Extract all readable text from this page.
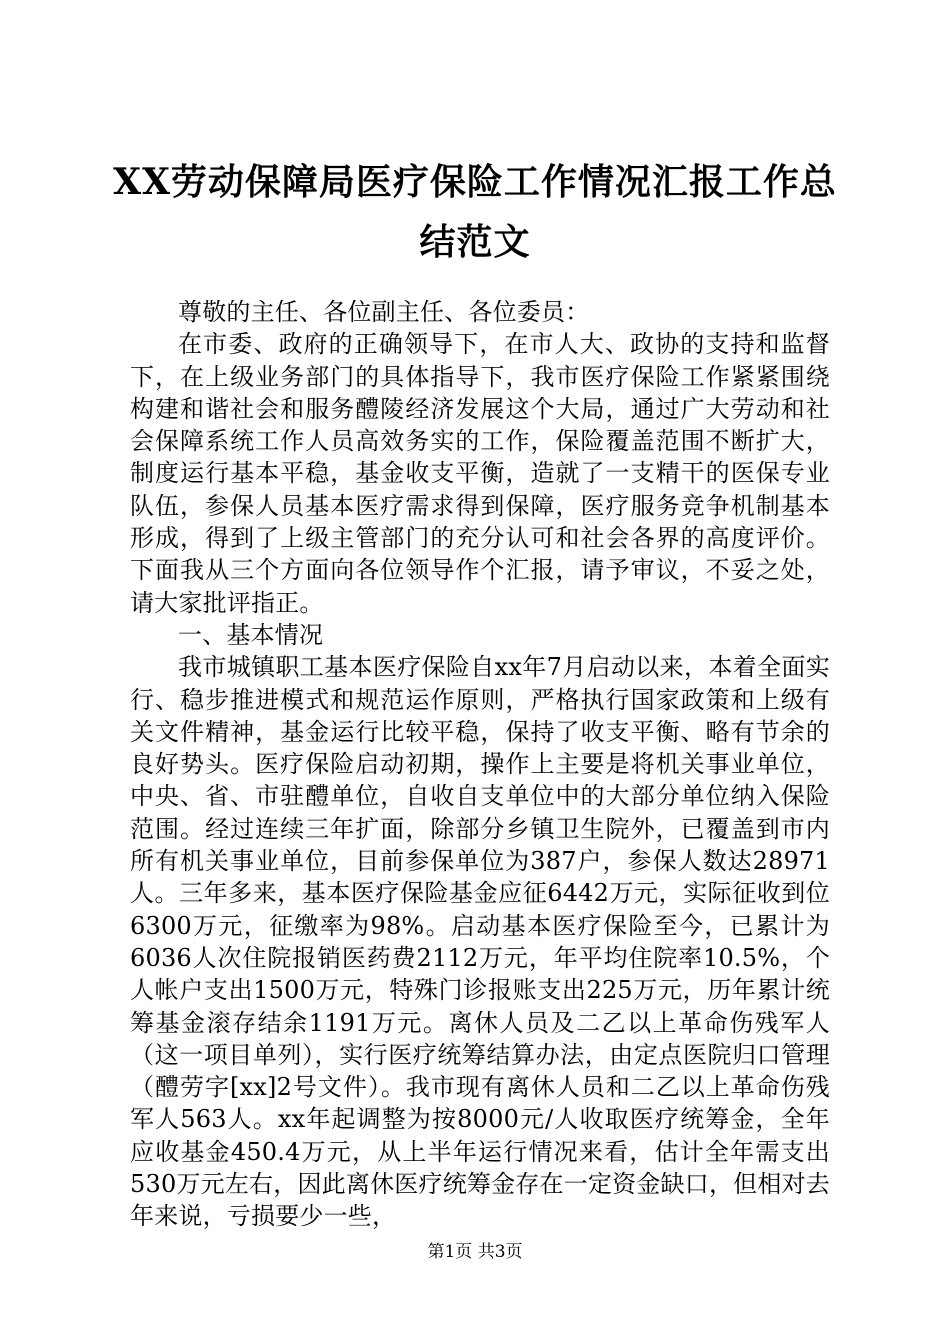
XX劳动保障局医疗保险工作情况汇报工作总
结范文

尊敬的主任、各位副主任、各位委员：

在市委、政府的正确领导下，在市人大、政协的支持和监督下，在上级业务部门的具体指导下，我市医疗保险工作紧紧围绕构建和谐社会和服务醴陵经济发展这个大局，通过广大劳动和社会保障系统工作人员高效务实的工作，保险覆盖范围不断扩大，制度运行基本平稳，基金收支平衡，造就了一支精干的医保专业队伍，参保人员基本医疗需求得到保障，医疗服务竞争机制基本形成，得到了上级主管部门的充分认可和社会各界的高度评价。下面我从三个方面向各位领导作个汇报，请予审议，不妥之处，请大家批评指正。

一、基本情况

我市城镇职工基本医疗保险自xx年7月启动以来，本着全面实行、稳步推进模式和规范运作原则，严格执行国家政策和上级有关文件精神，基金运行比较平稳，保持了收支平衡、略有节余的良好势头。医疗保险启动初期，操作上主要是将机关事业单位，中央、省、市驻醴单位，自收自支单位中的大部分单位纳入保险范围。经过连续三年扩面，除部分乡镇卫生院外，已覆盖到市内所有机关事业单位，目前参保单位为387户，参保人数达28971人。三年多来，基本医疗保险基金应征6442万元，实际征收到位6300万元，征缴率为98%。启动基本医疗保险至今，已累计为6036人次住院报销医药费2112万元，年平均住院率10.5%，个人帐户支出1500万元，特殊门诊报账支出225万元，历年累计统筹基金滚存结余1191万元。离休人员及二乙以上革命伤残军人（这一项目单列），实行医疗统筹结算办法，由定点医院归口管理（醴劳字[xx]2号文件）。我市现有离休人员和二乙以上革命伤残军人563人。xx年起调整为按8000元/人收取医疗统筹金，全年应收基金450.4万元，从上半年运行情况来看，估计全年需支出530万元左右，因此离休医疗统筹金存在一定资金缺口，但相对去年来说，亏损要少一些，

第1页 共3页
